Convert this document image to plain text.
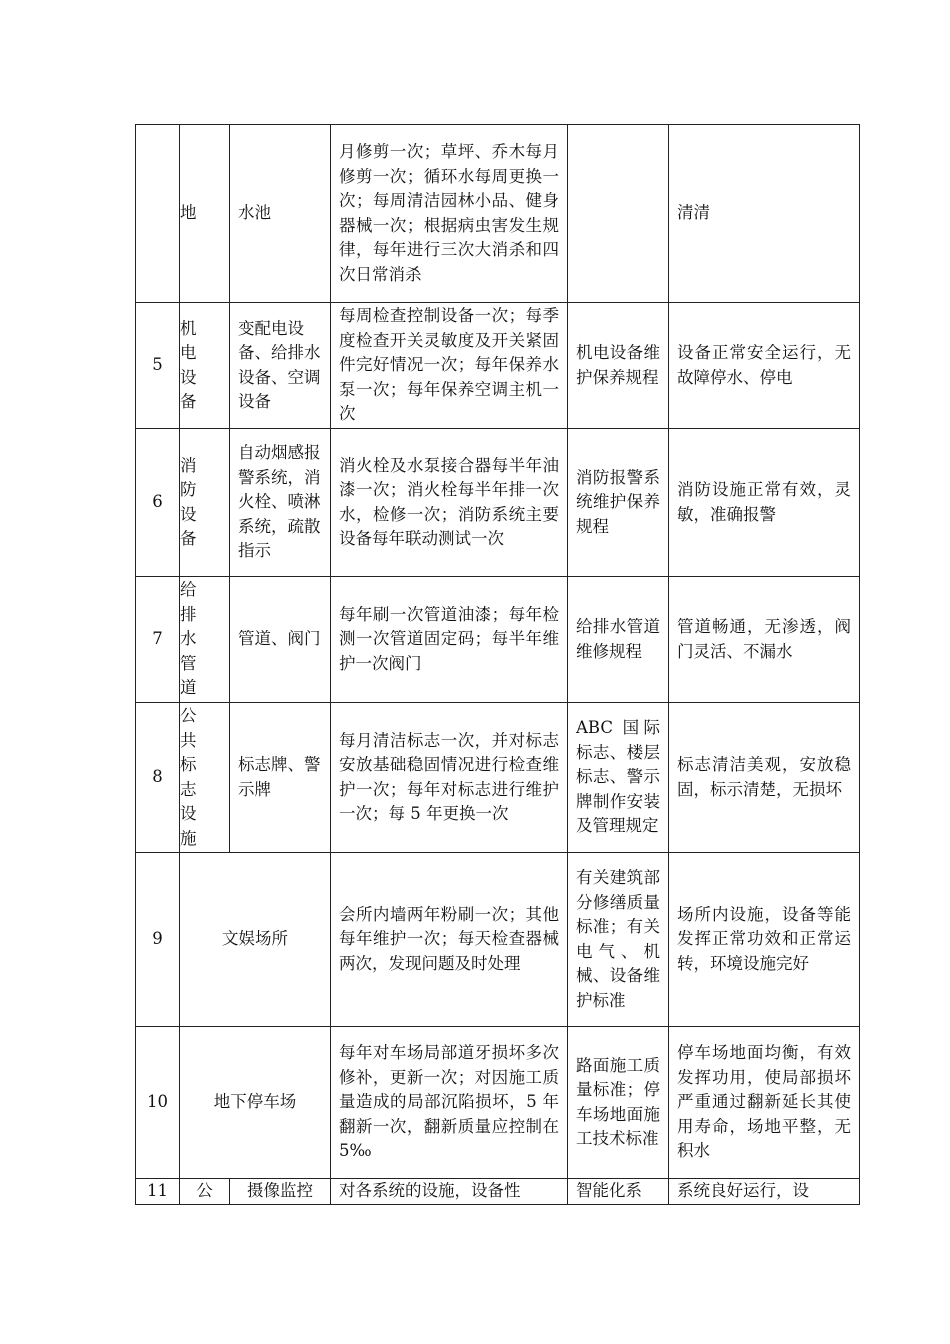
	地	水池	月修剪一次；草坪、乔木每月修剪一次；循环水每周更换一次；每周清洁园林小品、健身器械一次；根据病虫害发生规律，每年进行三次大消杀和四次日常消杀		清清
5	机电设备	变配电设备、给排水设备、空调设备	每周检查控制设备一次；每季度检查开关灵敏度及开关紧固件完好情况一次；每年保养水泵一次；每年保养空调主机一次	机电设备维护保养规程	设备正常安全运行，无故障停水、停电
6	消防设备	自动烟感报警系统，消火栓、喷淋系统，疏散指示	消火栓及水泵接合器每半年油漆一次；消火栓每半年排一次水，检修一次；消防系统主要设备每年联动测试一次	消防报警系统维护保养规程	消防设施正常有效，灵敏，准确报警
7	给排水管道	管道、阀门	每年刷一次管道油漆；每年检测一次管道固定码；每半年维护一次阀门	给排水管道维修规程	管道畅通，无渗透，阀门灵活、不漏水
8	公共标志设施	标志牌、警示牌	每月清洁标志一次，并对标志安放基础稳固情况进行检查维护一次；每年对标志进行维护一次；每 5 年更换一次	ABC 国际标志、楼层标志、警示牌制作安装及管理规定	标志清洁美观，安放稳固，标示清楚，无损坏
9	文娱场所		会所内墙两年粉刷一次；其他每年维护一次；每天检查器械两次，发现问题及时处理	有关建筑部分修缮质量标准；有关电气、机械、设备维护标准	场所内设施，设备等能发挥正常功效和正常运转，环境设施完好
10	地下停车场		每年对车场局部道牙损坏多次修补，更新一次；对因施工质量造成的局部沉陷损坏，5 年翻新一次，翻新质量应控制在 5‰	路面施工质量标准；停车场地面施工技术标准	停车场地面均衡，有效发挥功用，使局部损坏严重通过翻新延长其使用寿命，场地平整，无积水
11	公	摄像监控	对各系统的设施，设备性	智能化系	系统良好运行，设
